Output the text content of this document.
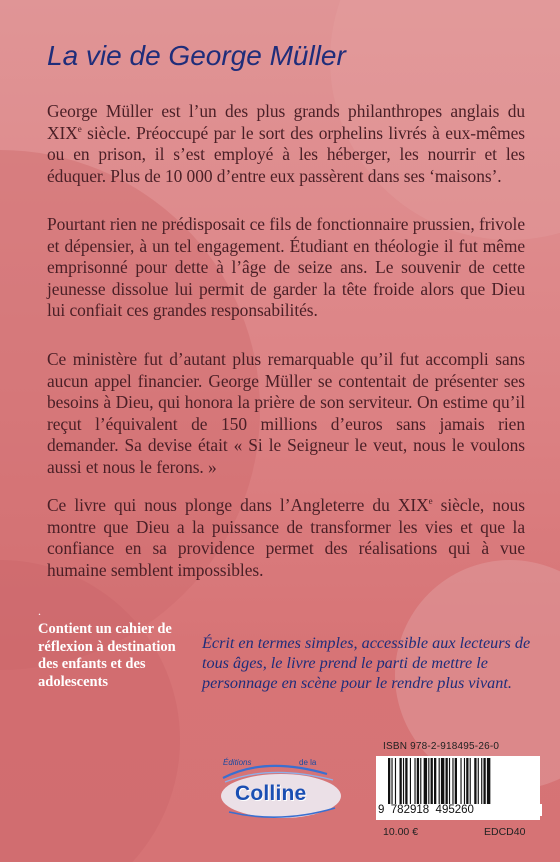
La vie de George Müller

George Müller est l’un des plus grands philanthropes anglais du XIXe siècle. Préoccupé par le sort des orphelins livrés à eux-mêmes ou en prison, il s’est employé à les héberger, les nourrir et les éduquer. Plus de 10 000 d’entre eux passèrent dans ses ‘maisons’.

Pourtant rien ne prédisposait ce fils de fonctionnaire prussien, frivole et dépensier, à un tel engagement. Étudiant en théologie il fut même emprisonné pour dette à l’âge de seize ans. Le souvenir de cette jeunesse dissolue lui permit de garder la tête froide alors que Dieu lui confiait ces grandes responsabilités.

Ce ministère fut d’autant plus remarquable qu’il fut accompli sans aucun appel financier. George Müller se contentait de présenter ses besoins à Dieu, qui honora la prière de son serviteur. On estime qu’il reçut l’équivalent de 150 millions d’euros sans jamais rien demander. Sa devise était « Si le Seigneur le veut, nous le voulons aussi et nous le ferons. »

Ce livre qui nous plonge dans l’Angleterre du XIXe siècle, nous montre que Dieu a la puissance de transformer les vies et que la confiance en sa providence permet des réalisations qui à vue humaine semblent impossibles.

.

Contient un cahier de réflexion à destination des enfants et des adolescents

Écrit en termes simples, accessible aux lecteurs de tous âges, le livre prend le parti de mettre le personnage en scène pour le rendre plus vivant.

Éditions	de la
Colline
ISBN 978-2-918495-26-0
9  782918  495260
10.00 €	EDCD40
